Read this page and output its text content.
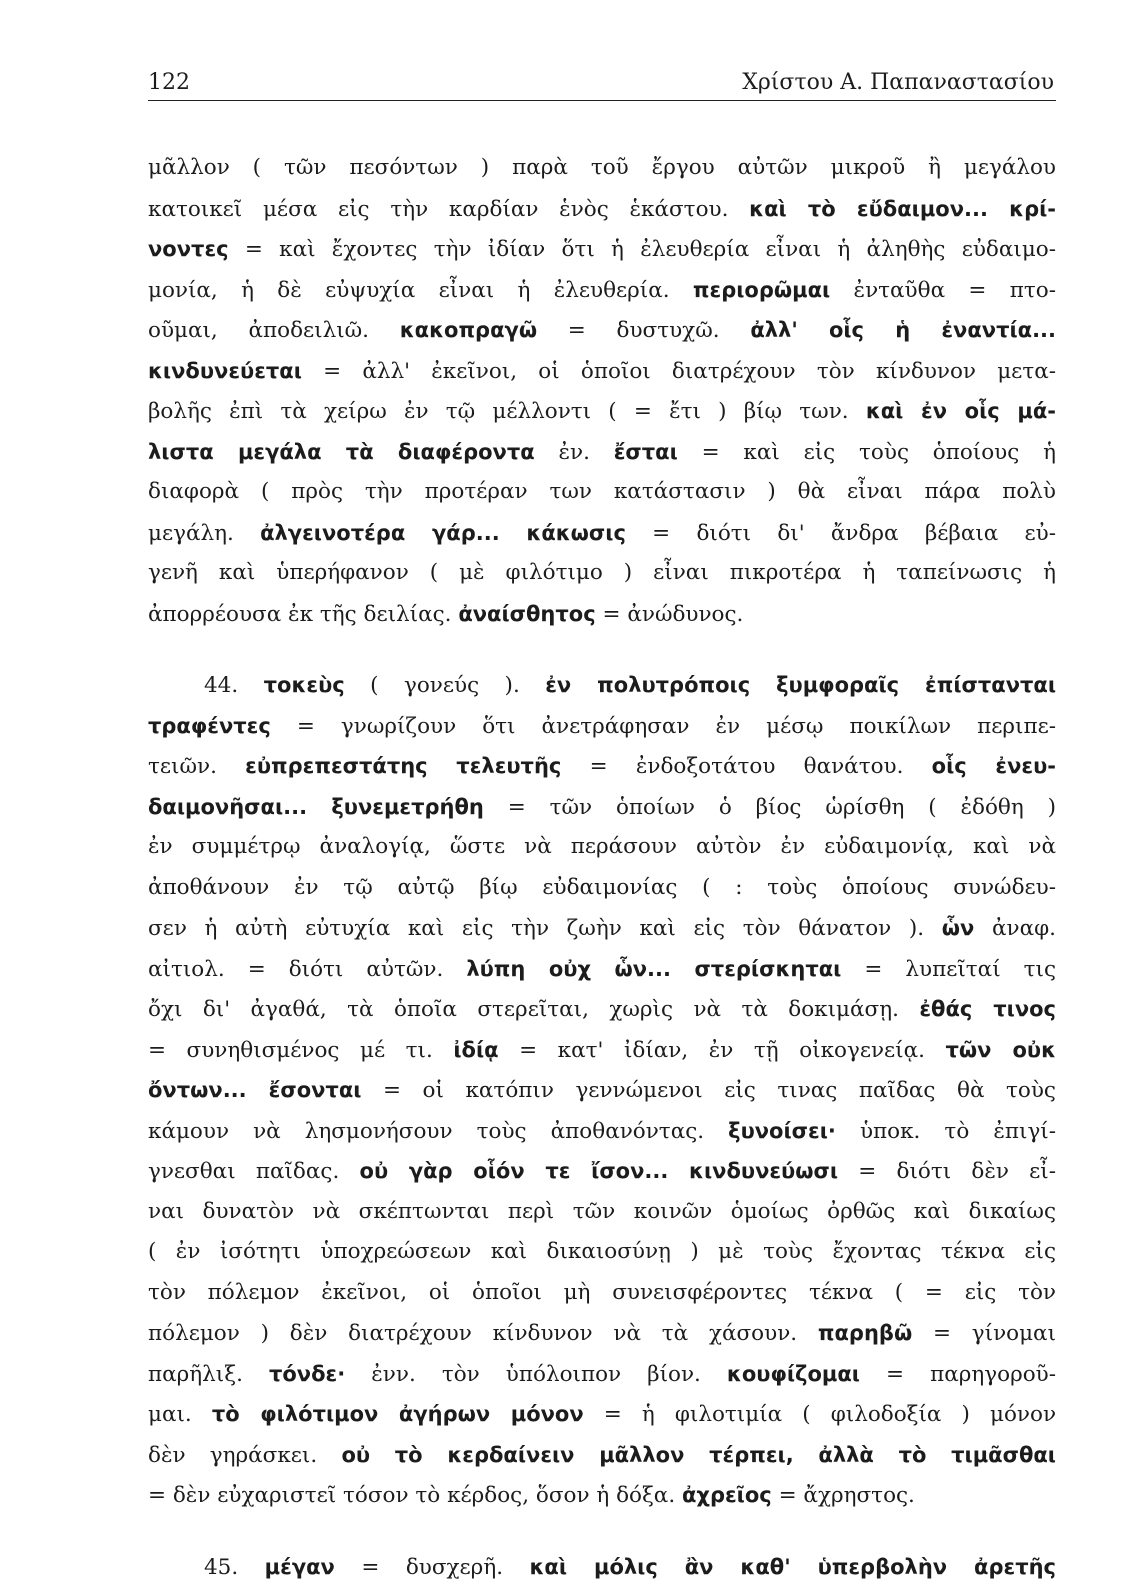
122	Χρίστου Α. Παπαναστασίου
μᾶλλον ( τῶν πεσόντων ) παρὰ τοῦ ἔργου αὐτῶν μικροῦ ἢ μεγάλου
κατοικεῖ μέσα εἰς τὴν καρδίαν ἑνὸς ἑκάστου. καὶ τὸ εὔδαιμον... κρί-
νοντες = καὶ ἔχοντες τὴν ἰδίαν ὅτι ἡ ἐλευθερία εἶναι ἡ ἀληθὴς εὐδαιμο-
μονία, ἡ δὲ εὐψυχία εἶναι ἡ ἐλευθερία. περιορῶμαι ἐνταῦθα = πτο-
οῦμαι, ἀποδειλιῶ. κακοπραγῶ = δυστυχῶ. ἀλλ' οἷς ἡ ἐναντία...
κινδυνεύεται = ἀλλ' ἐκεῖνοι, οἱ ὁποῖοι διατρέχουν τὸν κίνδυνον μετα-
βολῆς ἐπὶ τὰ χείρω ἐν τῷ μέλλοντι ( = ἔτι ) βίῳ των. καὶ ἐν οἷς μά-
λιστα μεγάλα τὰ διαφέροντα ἐν. ἔσται = καὶ εἰς τοὺς ὁποίους ἡ
διαφορὰ ( πρὸς τὴν προτέραν των κατάστασιν ) θὰ εἶναι πάρα πολὺ
μεγάλη. ἀλγεινοτέρα γάρ... κάκωσις = διότι δι' ἄνδρα βέβαια εὐ-
γενῆ καὶ ὑπερήφανον ( μὲ φιλότιμο ) εἶναι πικροτέρα ἡ ταπείνωσις ἡ
ἀπορρέουσα ἐκ τῆς δειλίας. ἀναίσθητος = ἀνώδυνος.
44. τοκεὺς ( γονεύς ). ἐν πολυτρόποις ξυμφοραῖς ἐπίστανται
τραφέντες = γνωρίζουν ὅτι ἀνετράφησαν ἐν μέσῳ ποικίλων περιπε-
τειῶν. εὐπρεπεστάτης τελευτῆς = ἐνδοξοτάτου θανάτου. οἷς ἐνευ-
δαιμονῆσαι... ξυνεμετρήθη = τῶν ὁποίων ὁ βίος ὡρίσθη ( ἐδόθη )
ἐν συμμέτρῳ ἀναλογίᾳ, ὥστε νὰ περάσουν αὐτὸν ἐν εὐδαιμονίᾳ, καὶ νὰ
ἀποθάνουν ἐν τῷ αὐτῷ βίῳ εὐδαιμονίας ( : τοὺς ὁποίους συνώδευ-
σεν ἡ αὐτὴ εὐτυχία καὶ εἰς τὴν ζωὴν καὶ εἰς τὸν θάνατον ). ὧν ἀναφ.
αἰτιολ. = διότι αὐτῶν. λύπη οὐχ ὧν... στερίσκηται = λυπεῖταί τις
ὄχι δι' ἀγαθά, τὰ ὁποῖα στερεῖται, χωρὶς νὰ τὰ δοκιμάσῃ. ἐθάς τινος
= συνηθισμένος μέ τι. ἰδίᾳ = κατ' ἰδίαν, ἐν τῇ οἰκογενείᾳ. τῶν οὐκ
ὄντων... ἔσονται = οἱ κατόπιν γεννώμενοι εἰς τινας παῖδας θὰ τοὺς
κάμουν νὰ λησμονήσουν τοὺς ἀποθανόντας. ξυνοίσει· ὑποκ. τὸ ἐπιγί-
γνεσθαι παῖδας. οὐ γὰρ οἷόν τε ἴσον... κινδυνεύωσι = διότι δὲν εἶ-
ναι δυνατὸν νὰ σκέπτωνται περὶ τῶν κοινῶν ὁμοίως ὀρθῶς καὶ δικαίως
( ἐν ἰσότητι ὑποχρεώσεων καὶ δικαιοσύνῃ ) μὲ τοὺς ἔχοντας τέκνα εἰς
τὸν πόλεμον ἐκεῖνοι, οἱ ὁποῖοι μὴ συνεισφέροντες τέκνα ( = εἰς τὸν
πόλεμον ) δὲν διατρέχουν κίνδυνον νὰ τὰ χάσουν. παρηβῶ = γίνομαι
παρῆλιξ. τόνδε· ἐνν. τὸν ὑπόλοιπον βίον. κουφίζομαι = παρηγοροῦ-
μαι. τὸ φιλότιμον ἀγήρων μόνον = ἡ φιλοτιμία ( φιλοδοξία ) μόνον
δὲν γηράσκει. οὐ τὸ κερδαίνειν μᾶλλον τέρπει, ἀλλὰ τὸ τιμᾶσθαι
= δὲν εὐχαριστεῖ τόσον τὸ κέρδος, ὅσον ἡ δόξα. ἀχρεῖος = ἄχρηστος.
45. μέγαν = δυσχερῆ. καὶ μόλις ἂν καθ' ὑπερβολὴν ἀρετῆς
